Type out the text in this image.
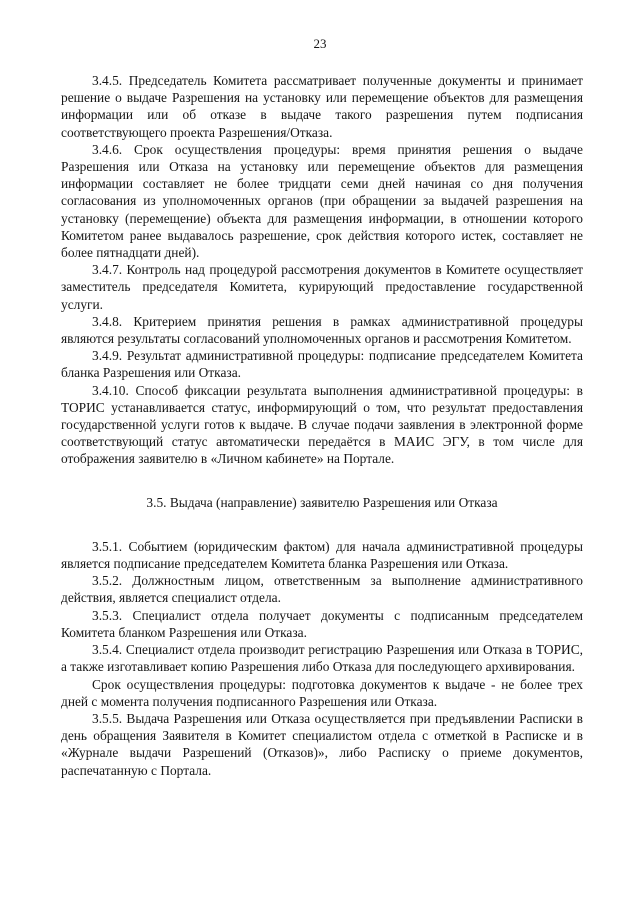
23

3.4.5. Председатель Комитета рассматривает полученные документы и принимает решение о выдаче Разрешения на установку или перемещение объектов для размещения информации или об отказе в выдаче такого разрешения путем подписания соответствующего проекта Разрешения/Отказа.

3.4.6. Срок осуществления процедуры: время принятия решения о выдаче Разрешения или Отказа на установку или перемещение объектов для размещения информации составляет не более тридцати семи дней начиная со дня получения согласования из уполномоченных органов (при обращении за выдачей разрешения на установку (перемещение) объекта для размещения информации, в отношении которого Комитетом ранее выдавалось разрешение, срок действия которого истек, составляет не более пятнадцати дней).

3.4.7. Контроль над процедурой рассмотрения документов в Комитете осуществляет заместитель председателя Комитета, курирующий предоставление государственной услуги.

3.4.8. Критерием принятия решения в рамках административной процедуры являются результаты согласований уполномоченных органов и рассмотрения Комитетом.

3.4.9. Результат административной процедуры: подписание председателем Комитета бланка Разрешения или Отказа.

3.4.10. Способ фиксации результата выполнения административной процедуры: в ТОРИС устанавливается статус, информирующий о том, что результат предоставления государственной услуги готов к выдаче. В случае подачи заявления в электронной форме соответствующий статус автоматически передаётся в МАИС ЭГУ, в том числе для отображения заявителю в «Личном кабинете» на Портале.

3.5. Выдача (направление) заявителю Разрешения или Отказа

3.5.1. Событием (юридическим фактом) для начала административной процедуры является подписание председателем Комитета бланка Разрешения или Отказа.

3.5.2. Должностным лицом, ответственным за выполнение административного действия, является специалист отдела.

3.5.3. Специалист отдела получает документы с подписанным председателем Комитета бланком Разрешения или Отказа.

3.5.4. Специалист отдела производит регистрацию Разрешения или Отказа в ТОРИС, а также изготавливает копию Разрешения либо Отказа для последующего архивирования.

Срок осуществления процедуры: подготовка документов к выдаче - не более трех дней с момента получения подписанного Разрешения или Отказа.

3.5.5. Выдача Разрешения или Отказа осуществляется при предъявлении Расписки в день обращения Заявителя в Комитет специалистом отдела с отметкой в Расписке и в «Журнале выдачи Разрешений (Отказов)», либо Расписку о приеме документов, распечатанную с Портала.
